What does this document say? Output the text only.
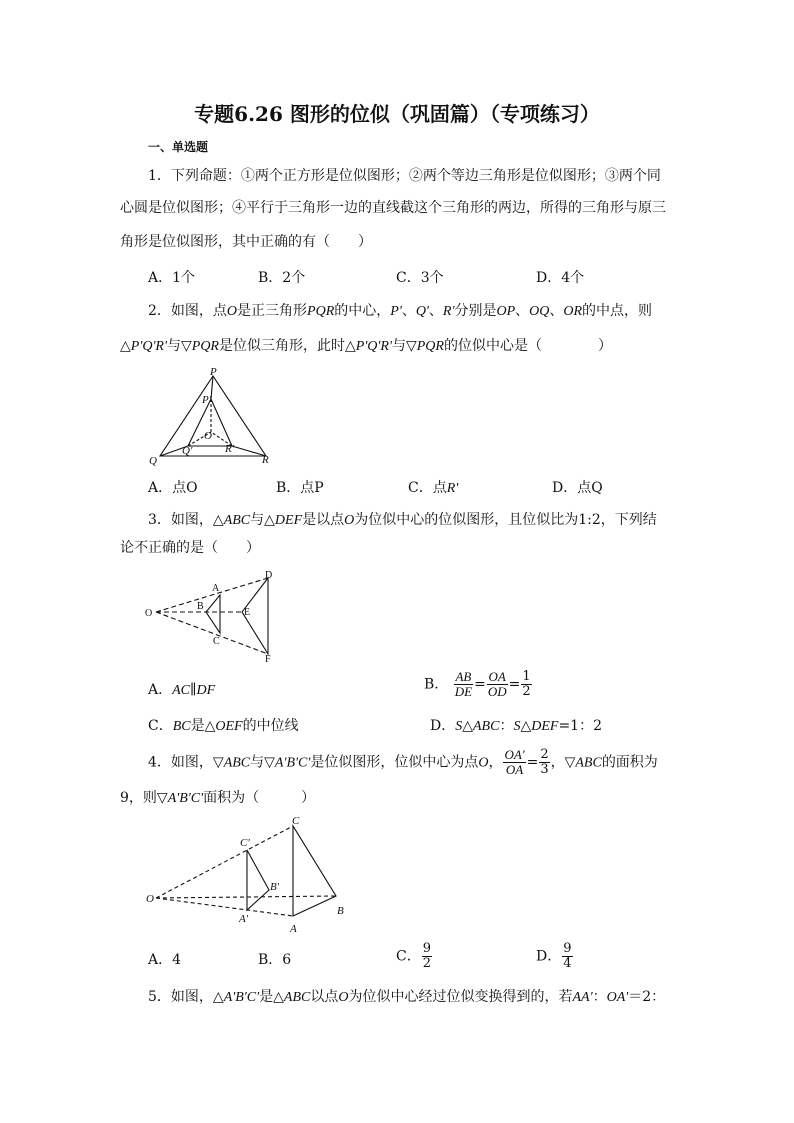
专题6.26 图形的位似（巩固篇）（专项练习）
一、单选题
1．下列命题：①两个正方形是位似图形；②两个等边三角形是位似图形；③两个同
心圆是位似图形；④平行于三角形一边的直线截这个三角形的两边，所得的三角形与原三
角形是位似图形，其中正确的有（　　）
A．1个	B．2个	C．3个	D．4个
2．如图，点O是正三角形PQR的中心，P'、Q'、R'分别是OP、OQ、OR的中点，则
△P'Q'R'与▽PQR是位似三角形，此时△P'Q'R'与▽PQR的位似中心是（　　　　）
P
Q	R
P'
O
Q'	R'
A．点O	B．点P	C．点R'	D．点Q
3．如图，△ABC与△DEF是以点O为位似中心的位似图形，且位似比为1:2，下列结
论不正确的是（　　）
O
A
B
C
D
E
F
A．AC∥DF	B． $\frac{AB}{DE} = \frac{OA}{OD} = \frac{1}{2}$
C．BC是△OEF的中位线	D．S△ABC：S△DEF=1：2
4．如图，▽ABC与▽A'B'C'是位似图形，位似中心为点O， $\frac{OA'}{OA} = \frac{2}{3}$ ，▽ABC的面积为
9，则▽A'B'C'面积为（　　　）
O
C
A
B
C'
A'
B'
A．4	B．6	C． $\frac{9}{2}$	D． $\frac{9}{4}$
5．如图，△A'B'C'是△ABC以点O为位似中心经过位似变换得到的，若AA'：OA'＝2：
